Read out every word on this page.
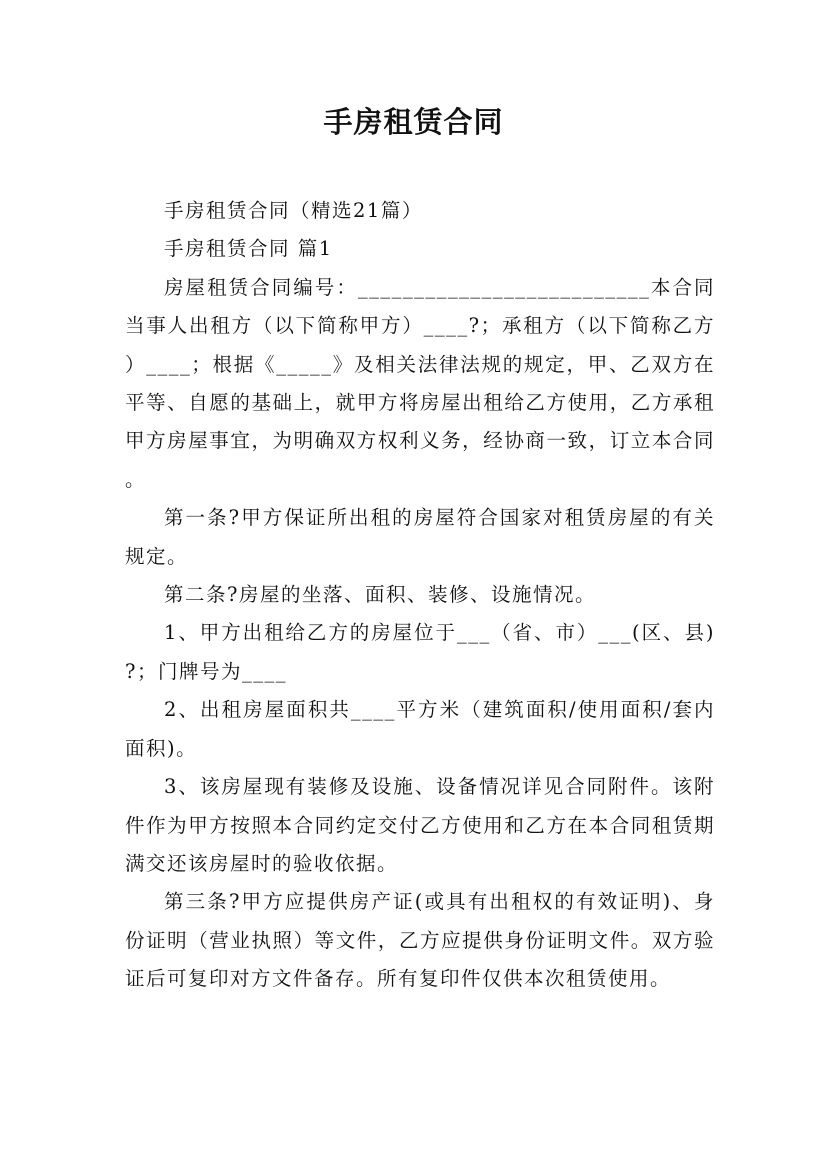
手房租赁合同

手房租赁合同（精选21篇）

手房租赁合同 篇1

房屋租赁合同编号：__________________________本合同当事人出租方（以下简称甲方）____?；承租方（以下简称乙方）____；根据《_____》及相关法律法规的规定，甲、乙双方在平等、自愿的基础上，就甲方将房屋出租给乙方使用，乙方承租甲方房屋事宜，为明确双方权利义务，经协商一致，订立本合同。

第一条?甲方保证所出租的房屋符合国家对租赁房屋的有关规定。

第二条?房屋的坐落、面积、装修、设施情况。

1、甲方出租给乙方的房屋位于___（省、市）___(区、县)?；门牌号为____

2、出租房屋面积共____平方米（建筑面积/使用面积/套内面积)。

3、该房屋现有装修及设施、设备情况详见合同附件。该附件作为甲方按照本合同约定交付乙方使用和乙方在本合同租赁期满交还该房屋时的验收依据。

第三条?甲方应提供房产证(或具有出租权的有效证明)、身份证明（营业执照）等文件，乙方应提供身份证明文件。双方验证后可复印对方文件备存。所有复印件仅供本次租赁使用。
